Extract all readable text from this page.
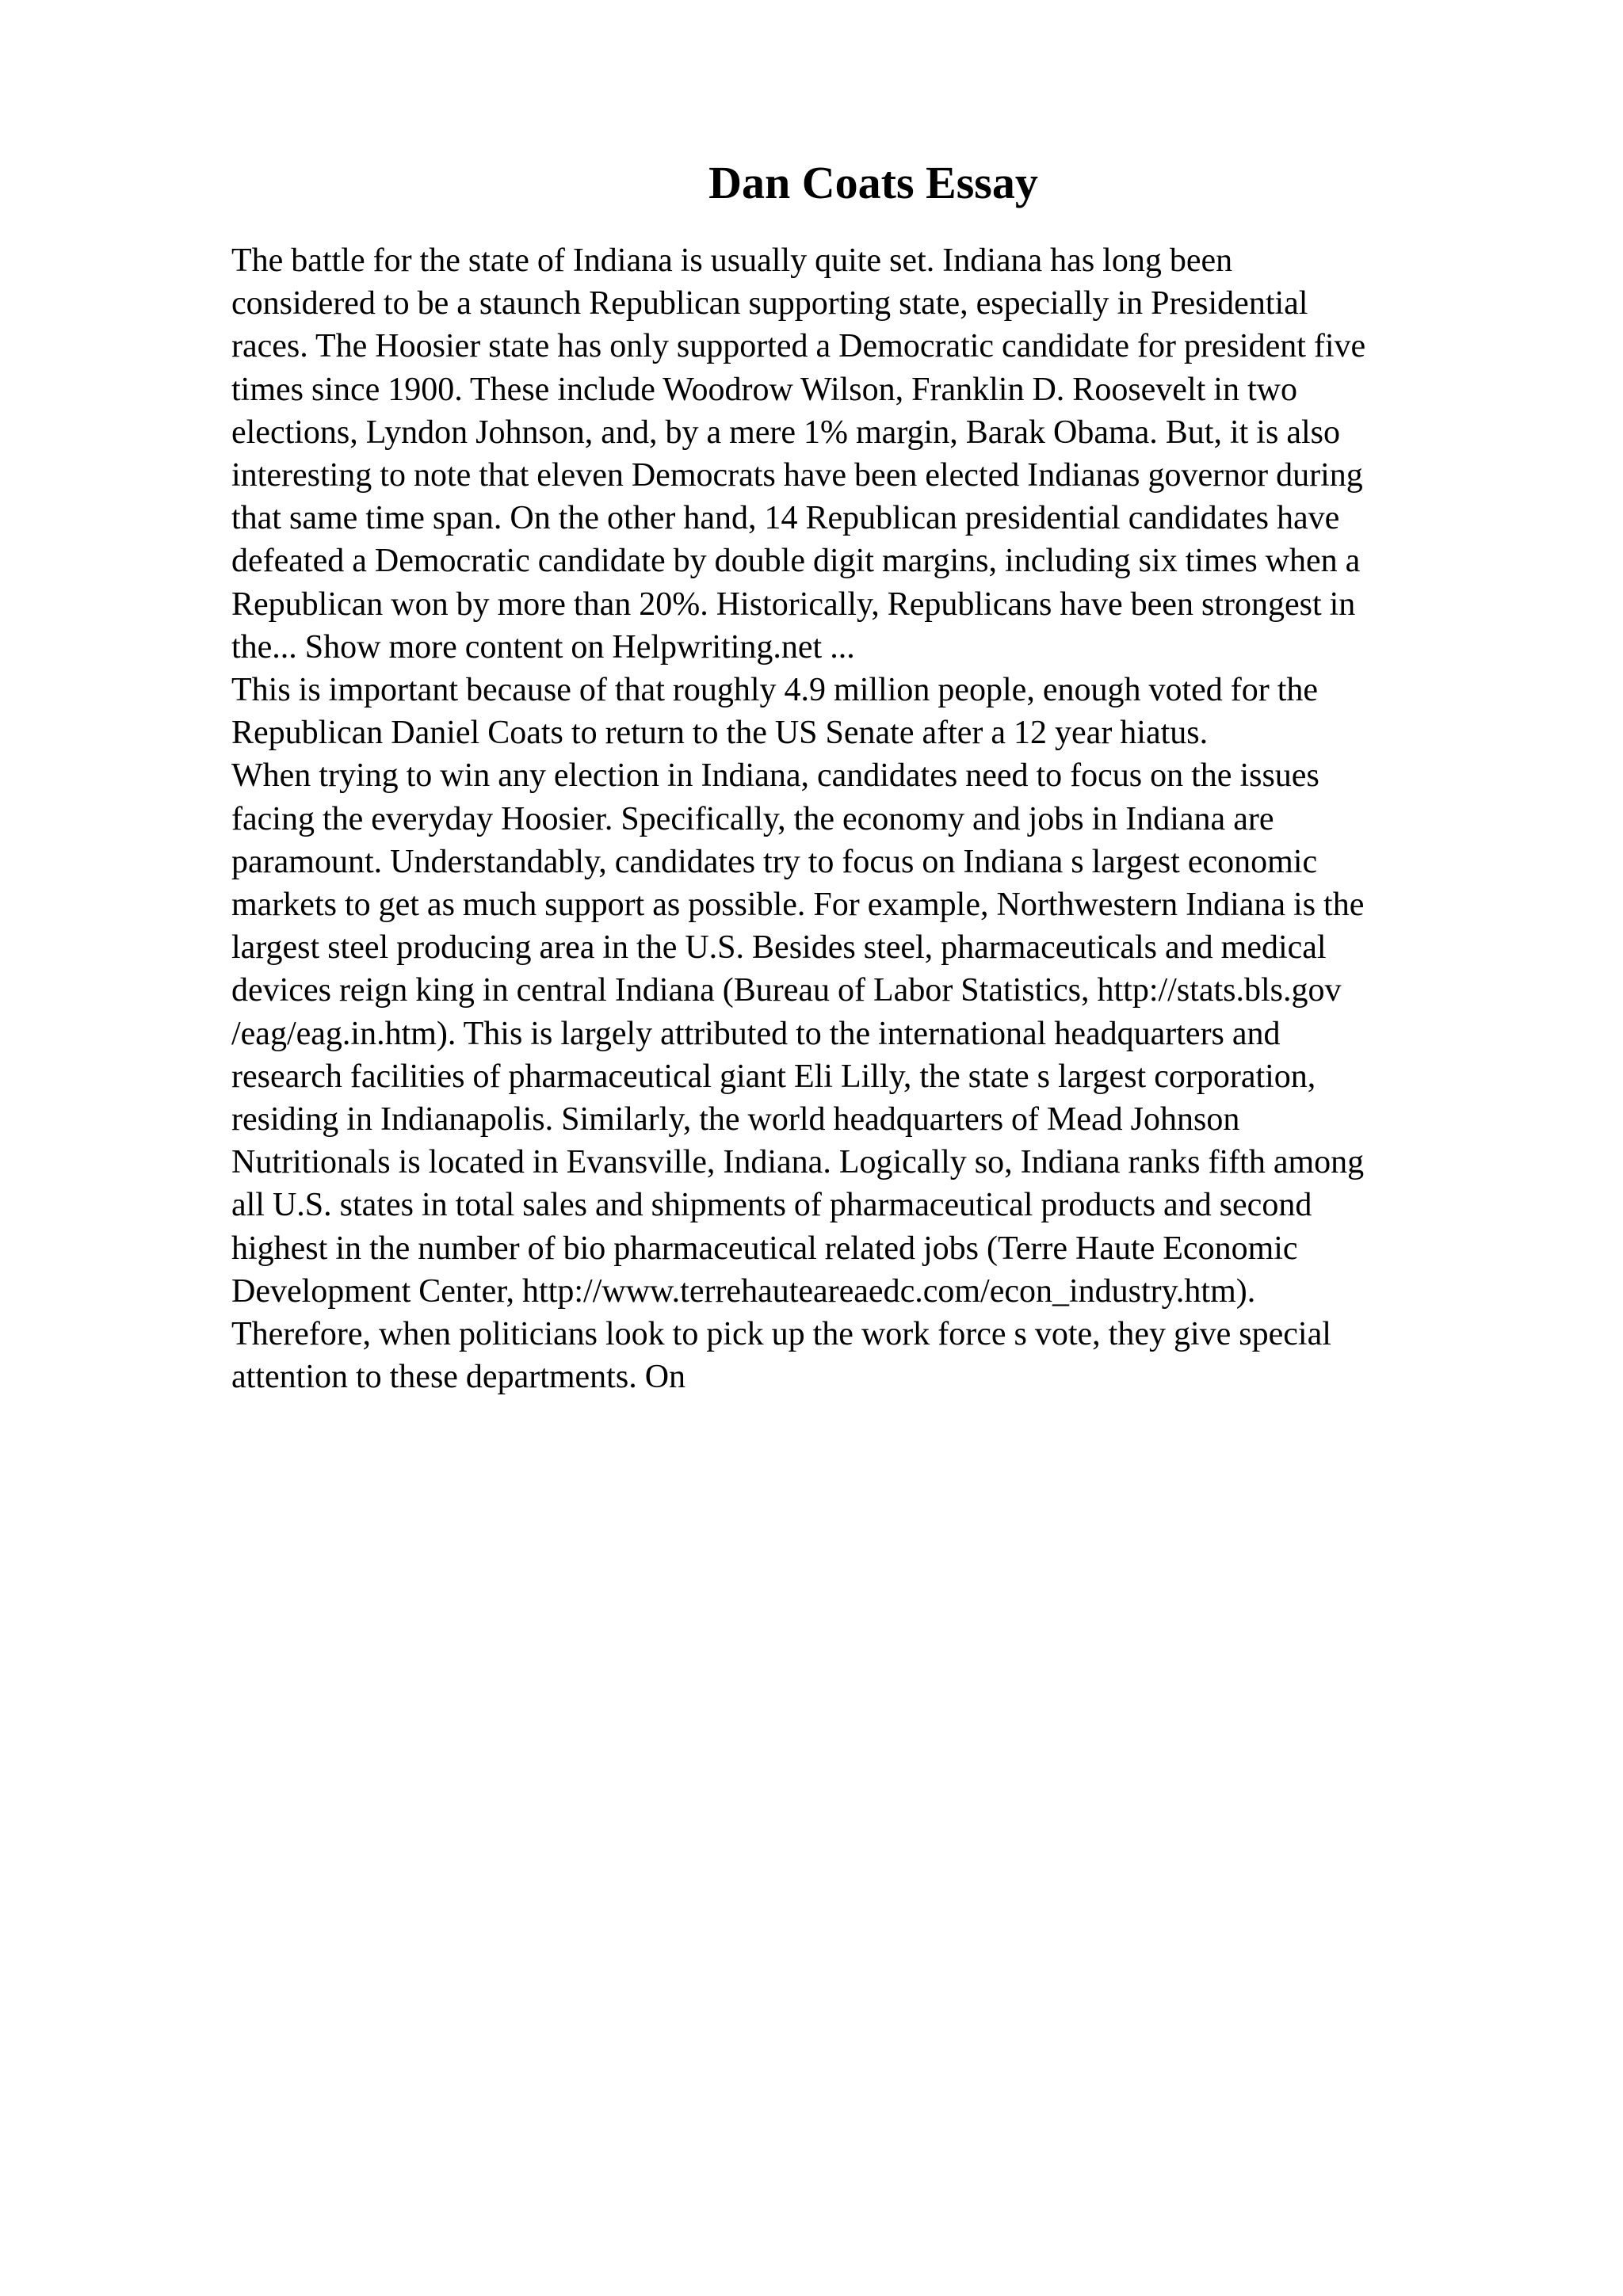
Dan Coats Essay

The battle for the state of Indiana is usually quite set. Indiana has long been
considered to be a staunch Republican supporting state, especially in Presidential
races. The Hoosier state has only supported a Democratic candidate for president five
times since 1900. These include Woodrow Wilson, Franklin D. Roosevelt in two
elections, Lyndon Johnson, and, by a mere 1% margin, Barak Obama. But, it is also
interesting to note that eleven Democrats have been elected Indianas governor during
that same time span. On the other hand, 14 Republican presidential candidates have
defeated a Democratic candidate by double digit margins, including six times when a
Republican won by more than 20%. Historically, Republicans have been strongest in
the... Show more content on Helpwriting.net ...

This is important because of that roughly 4.9 million people, enough voted for the
Republican Daniel Coats to return to the US Senate after a 12 year hiatus.

When trying to win any election in Indiana, candidates need to focus on the issues
facing the everyday Hoosier. Specifically, the economy and jobs in Indiana are
paramount. Understandably, candidates try to focus on Indiana s largest economic
markets to get as much support as possible. For example, Northwestern Indiana is the
largest steel producing area in the U.S. Besides steel, pharmaceuticals and medical
devices reign king in central Indiana (Bureau of Labor Statistics, http://stats.bls.gov
/eag/eag.in.htm). This is largely attributed to the international headquarters and
research facilities of pharmaceutical giant Eli Lilly, the state s largest corporation,
residing in Indianapolis. Similarly, the world headquarters of Mead Johnson
Nutritionals is located in Evansville, Indiana. Logically so, Indiana ranks fifth among
all U.S. states in total sales and shipments of pharmaceutical products and second
highest in the number of bio pharmaceutical related jobs (Terre Haute Economic
Development Center, http://www.terrehauteareaedc.com/econ_industry.htm).
Therefore, when politicians look to pick up the work force s vote, they give special
attention to these departments. On
